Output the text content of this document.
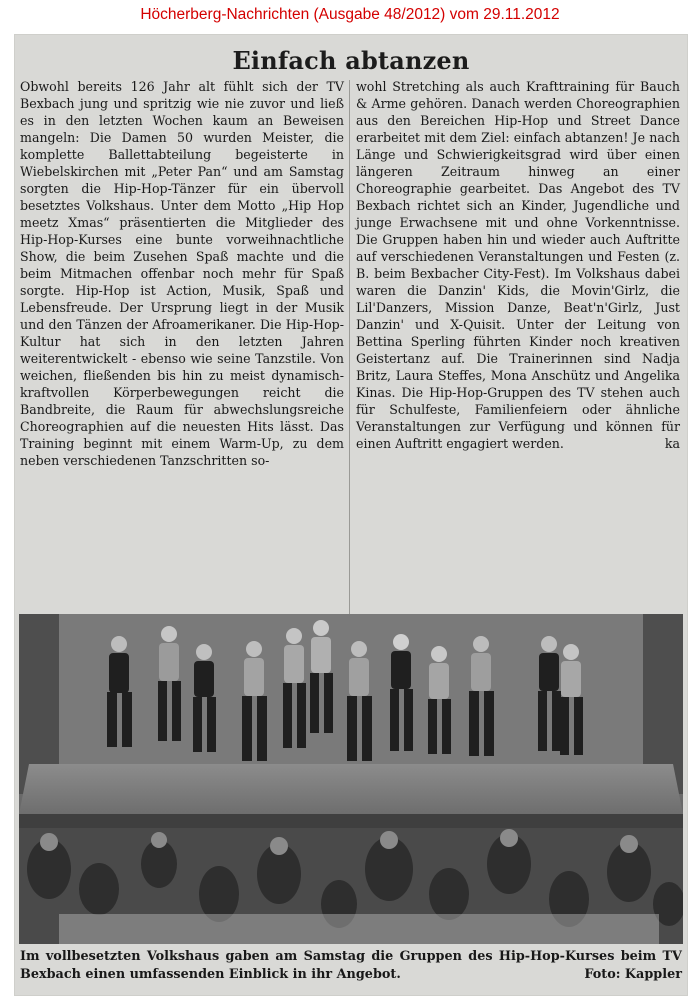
Höcherberg-Nachrichten (Ausgabe 48/2012) vom 29.11.2012
Einfach abtanzen

Obwohl bereits 126 Jahr alt fühlt sich der TV Bexbach jung und spritzig wie nie zuvor und ließ es in den letzten Wochen kaum an Beweisen mangeln: Die Damen 50 wurden Meister, die komplette Ballettabteilung begeisterte in Wiebelskirchen mit „Peter Pan“ und am Samstag sorgten die Hip-Hop-Tänzer für ein übervoll besetztes Volkshaus. Unter dem Motto „Hip Hop meetz Xmas“ präsentierten die Mitglieder des Hip-Hop-Kurses eine bunte vorweihnachtliche Show, die beim Zusehen Spaß machte und die beim Mitmachen offenbar noch mehr für Spaß sorgte. Hip-Hop ist Action, Musik, Spaß und Lebensfreude. Der Ursprung liegt in der Musik und den Tänzen der Afroamerikaner. Die Hip-Hop-Kultur hat sich in den letzten Jahren weiterentwickelt - ebenso wie seine Tanzstile. Von weichen, fließenden bis hin zu meist dynamisch-kraftvollen Körperbewegungen reicht die Bandbreite, die Raum für abwechslungsreiche Choreographien auf die neuesten Hits lässt. Das Training beginnt mit einem Warm-Up, zu dem neben verschiedenen Tanzschritten so-

wohl Stretching als auch Krafttraining für Bauch & Arme gehören. Danach werden Choreographien aus den Bereichen Hip-Hop und Street Dance erarbeitet mit dem Ziel: einfach abtanzen! Je nach Länge und Schwierigkeitsgrad wird über einen längeren Zeitraum hinweg an einer Choreographie gearbeitet. Das Angebot des TV Bexbach richtet sich an Kinder, Jugendliche und junge Erwachsene mit und ohne Vorkenntnisse. Die Gruppen haben hin und wieder auch Auftritte auf verschiedenen Veranstaltungen und Festen (z. B. beim Bexbacher City-Fest). Im Volkshaus dabei waren die Danzin' Kids, die Movin'Girlz, die Lil'Danzers, Mission Danze, Beat'n'Girlz, Just Danzin' und X-Quisit. Unter der Leitung von Bettina Sperling führten Kinder noch kreativen Geistertanz auf. Die Trainerinnen sind Nadja Britz, Laura Steffes, Mona Anschütz und Angelika Kinas. Die Hip-Hop-Gruppen des TV stehen auch für Schulfeste, Familienfeiern oder ähnliche Veranstaltungen zur Verfügung und können für einen Auftritt engagiert werden.	ka

Im vollbesetzten Volkshaus gaben am Samstag die Gruppen des Hip-Hop-Kurses beim TV Bexbach einen umfassenden Einblick in ihr Angebot.	Foto: Kappler
